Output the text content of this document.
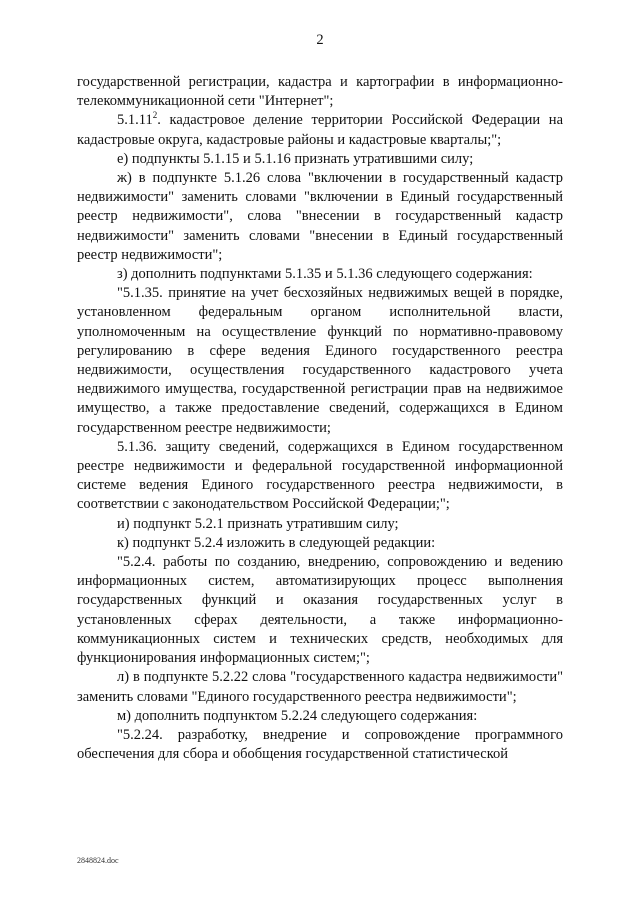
2

государственной регистрации, кадастра и картографии в информационно-телекоммуникационной сети "Интернет";

5.1.11$^2$. кадастровое деление территории Российской Федерации на кадастровые округа, кадастровые районы и кадастровые кварталы;";

е) подпункты 5.1.15 и 5.1.16 признать утратившими силу;

ж) в подпункте 5.1.26 слова "включении в государственный кадастр недвижимости" заменить словами "включении в Единый государственный реестр недвижимости", слова "внесении в государственный кадастр недвижимости" заменить словами "внесении в Единый государственный реестр недвижимости";

з) дополнить подпунктами 5.1.35 и 5.1.36 следующего содержания:

"5.1.35. принятие на учет бесхозяйных недвижимых вещей в порядке, установленном федеральным органом исполнительной власти, уполномоченным на осуществление функций по нормативно-правовому регулированию в сфере ведения Единого государственного реестра недвижимости, осуществления государственного кадастрового учета недвижимого имущества, государственной регистрации прав на недвижимое имущество, а также предоставление сведений, содержащихся в Едином государственном реестре недвижимости;

5.1.36. защиту сведений, содержащихся в Едином государственном реестре недвижимости и федеральной государственной информационной системе ведения Единого государственного реестра недвижимости, в соответствии с законодательством Российской Федерации;";

и) подпункт 5.2.1 признать утратившим силу;

к) подпункт 5.2.4 изложить в следующей редакции:

"5.2.4. работы по созданию, внедрению, сопровождению и ведению информационных систем, автоматизирующих процесс выполнения государственных функций и оказания государственных услуг в установленных сферах деятельности, а также информационно-коммуникационных систем и технических средств, необходимых для функционирования информационных систем;";

л) в подпункте 5.2.22 слова "государственного кадастра недвижимости" заменить словами "Единого государственного реестра недвижимости";

м) дополнить подпунктом 5.2.24 следующего содержания:

"5.2.24. разработку, внедрение и сопровождение программного обеспечения для сбора и обобщения государственной статистической

2848824.doc
